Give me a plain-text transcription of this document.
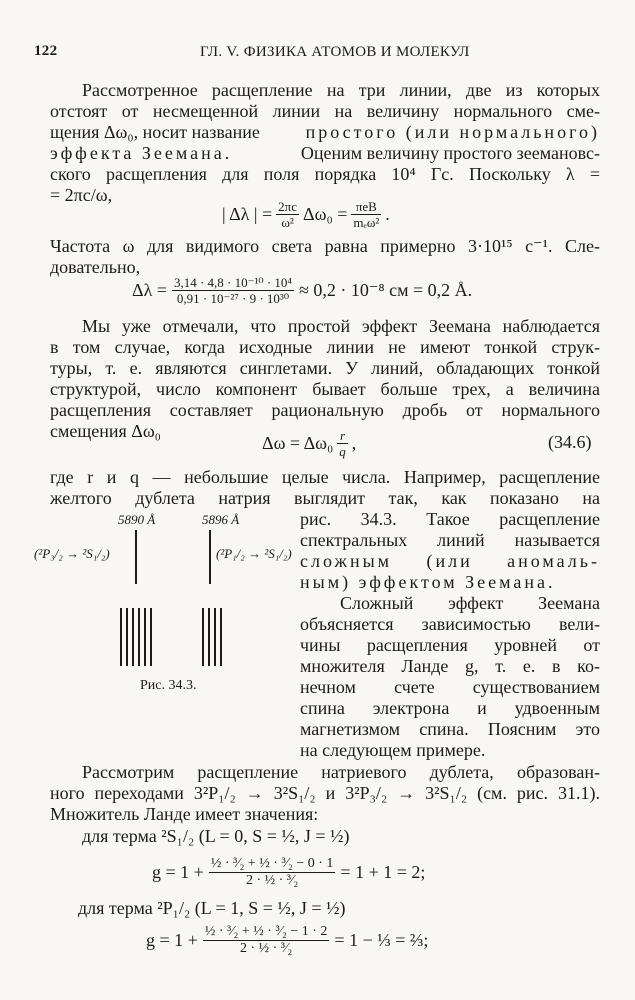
122	ГЛ. V. ФИЗИКА АТОМОВ И МОЛЕКУЛ
Рассмотренное расщепление на три линии, две из которых
отстоят от несмещенной линии на величину нормального сме-
щения Δω₀, носит название	простого (или нормального)
эффекта Зеемана.	Оценим величину простого зеемановс-
ского расщепления для поля порядка 10⁴ Гс. Поскольку λ =
= 2πc/ω,
| Δλ | = $\frac{2\pi c}{\text{ω²}} \Delta\omega_0 = \pi eB$
mₑω² .
Частота ω для видимого света равна примерно 3·10¹⁵ с⁻¹. Сле-
довательно,
$\Delta\lambda = \frac{\text{3,14 · 4,8 · 10⁻¹⁰ · 10⁴}}{\text{0,91 · 10⁻²⁷ · 9 · 10³⁰}} \approx 0,2 \cdot 10^{-8}$ см = 0,2 Å.
Мы уже отмечали, что простой эффект Зеемана наблюдается
в том случае, когда исходные линии не имеют тонкой струк-
туры, т. е. являются синглетами. У линий, обладающих тонкой
структурой, число компонент бывает больше трех, а величина
расщепления составляет рациональную дробь от нормального
смещения Δω₀
$\Delta\omega = \Delta\omega_0 \frac{r}{q}$ ,	(34.6)
где r и q — небольшие целые числа. Например, расщепление
желтого дублета натрия выглядит так, как показано на
5890 Å	5896 Å
(²P₃/₂ → ²S₁/₂)	(²P₁/₂ → ²S₁/₂)
Рис. 34.3.
рис. 34.3. Такое расщепление
спектральных линий называется
сложным (или аномаль-
ным) эффектом Зеемана.
Сложный эффект Зеемана
объясняется зависимостью вели-
чины расщепления уровней от
множителя Ланде g, т. е. в ко-
нечном счете существованием
спина электрона и удвоенным
магнетизмом спина. Поясним это
на следующем примере.
Рассмотрим расщепление натриевого дублета, образован-
ного переходами 3²P₁/₂ → 3²S₁/₂ и 3²P₃/₂ → 3²S₁/₂ (см. рис. 31.1).
Множитель Ланде имеет значения:
для терма ²S₁/₂ (L = 0, S = ½, J = ½)
$g = 1 + \frac{\text{½ · ³⁄₂ + ½ · ³⁄₂ − 0 · 1}}{\text{2 · ½ · ³⁄₂}} = 1 + 1 = 2$;
для терма ²P₁/₂ (L = 1, S = ½, J = ½)
$g = 1 + \frac{\text{½ · ³⁄₂ + ½ · ³⁄₂ − 1 · 2}}{\text{2 · ½ · ³⁄₂}} = 1$ − ⅓ = ⅔;
